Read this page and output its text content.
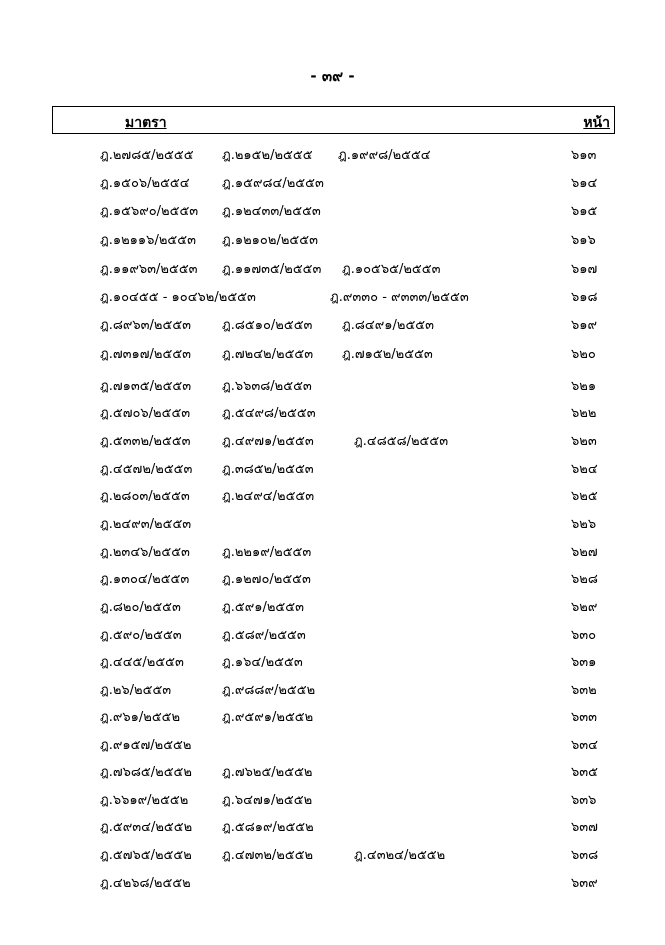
- ๓๙ -
มาตรา	หน้า
ฎ.๒๗๘๕/๒๕๕๕ ฎ.๒๑๕๒/๒๕๕๕ ฎ.๑๙๙๘/๒๕๕๔	๖๑๓
ฎ.๑๕๐๖/๒๕๕๔ ฎ.๑๕๙๘๔/๒๕๕๓	๖๑๔
ฎ.๑๕๖๙๐/๒๕๕๓ ฎ.๑๒๔๓๓/๒๕๕๓	๖๑๕
ฎ.๑๒๑๑๖/๒๕๕๓ ฎ.๑๒๑๐๒/๒๕๕๓	๖๑๖
ฎ.๑๑๙๖๓/๒๕๕๓ ฎ.๑๑๗๓๕/๒๕๕๓ ฎ.๑๐๕๖๕/๒๕๕๓	๖๑๗
ฎ.๑๐๔๕๕ - ๑๐๔๖๒/๒๕๕๓	ฎ.๙๓๓๐ - ๙๓๓๓/๒๕๕๓	๖๑๘
ฎ.๘๙๖๓/๒๕๕๓ ฎ.๘๕๑๐/๒๕๕๓ ฎ.๘๔๙๑/๒๕๕๓	๖๑๙
ฎ.๗๓๑๗/๒๕๕๓ ฎ.๗๒๔๒/๒๕๕๓ ฎ.๗๑๕๒/๒๕๕๓	๖๒๐
ฎ.๗๑๓๕/๒๕๕๓ ฎ.๖๖๓๘/๒๕๕๓	๖๒๑
ฎ.๕๗๐๖/๒๕๕๓ ฎ.๕๔๙๘/๒๕๕๓	๖๒๒
ฎ.๕๓๓๒/๒๕๕๓ ฎ.๔๙๗๑/๒๕๕๓	ฎ.๔๘๕๘/๒๕๕๓	๖๒๓
ฎ.๔๕๗๒/๒๕๕๓ ฎ.๓๘๕๒/๒๕๕๓	๖๒๔
ฎ.๒๘๐๓/๒๕๕๓ ฎ.๒๔๙๔/๒๕๕๓	๖๒๕
ฎ.๒๔๙๓/๒๕๕๓	๖๒๖
ฎ.๒๓๔๖/๒๕๕๓ ฎ.๒๒๑๙/๒๕๕๓	๖๒๗
ฎ.๑๓๐๔/๒๕๕๓	ฎ.๑๒๗๐/๒๕๕๓	๖๒๘
ฎ.๘๒๐/๒๕๕๓	ฎ.๕๙๑/๒๕๕๓	๖๒๙
ฎ.๕๙๐/๒๕๕๓	ฎ.๕๘๙/๒๕๕๓	๖๓๐
ฎ.๔๔๕/๒๕๕๓	ฎ.๑๖๔/๒๕๕๓	๖๓๑
ฎ.๒๖/๒๕๕๓	ฎ.๙๘๘๙/๒๕๕๒	๖๓๒
ฎ.๙๖๑/๒๕๕๒	ฎ.๙๕๙๑/๒๕๕๒	๖๓๓
ฎ.๙๑๕๗/๒๕๕๒	๖๓๔
ฎ.๗๖๘๕/๒๕๕๒ ฎ.๗๖๒๕/๒๕๕๒	๖๓๕
ฎ.๖๖๑๙/๒๕๕๒	ฎ.๖๔๗๑/๒๕๕๒	๖๓๖
ฎ.๕๙๓๔/๒๕๕๒ ฎ.๕๘๑๙/๒๕๕๒	๖๓๗
ฎ.๕๗๖๕/๒๕๕๒ ฎ.๔๗๓๒/๒๕๕๒	ฎ.๔๓๒๔/๒๕๕๒	๖๓๘
ฎ.๔๒๖๘/๒๕๕๒	๖๓๙
